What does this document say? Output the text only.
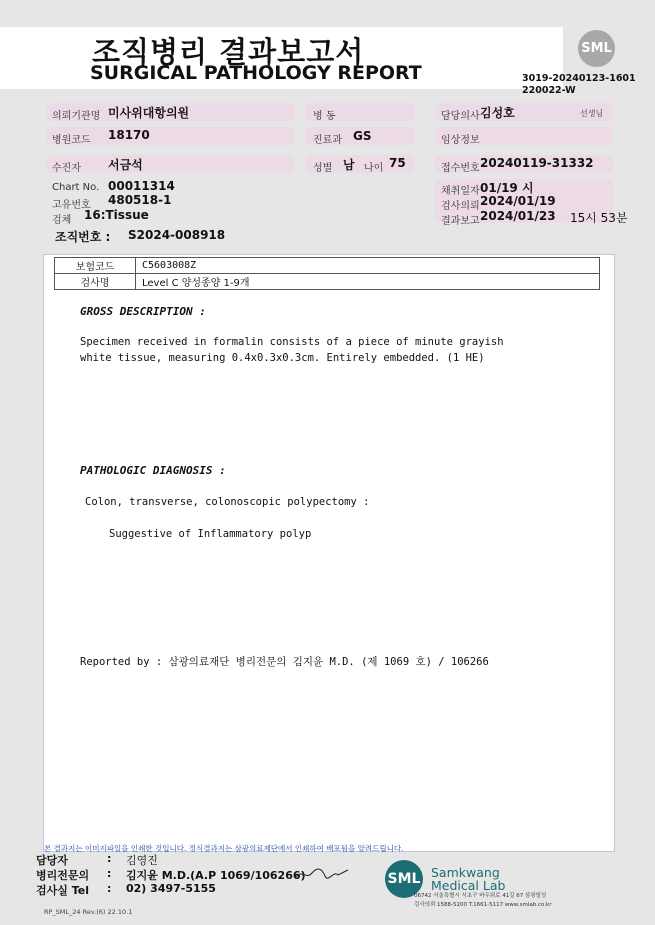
조직병리 결과보고서
SURGICAL PATHOLOGY REPORT
SML
3019-20240123-1601
220022-W
의뢰기관명 미사위대항의원
병원코드 18170
수진자 서금석
Chart No. 00011314
고유번호 480518-1
검체 16:Tissue
조직번호 : S2024-008918
병 동
진료과 GS
성별 남 나이 75
담당의사 김성호	선생님
임상정보
접수번호 20240119-31332
채취일자 01/19 시
검사의뢰 2024/01/19
결과보고 2024/01/23 15시 53분
보험코드	C5603008Z
검사명	Level C 양성종양 1-9개
GROSS DESCRIPTION :
Specimen received in formalin consists of a piece of minute grayish
white tissue, measuring 0.4x0.3x0.3cm. Entirely embedded. (1 HE)
PATHOLOGIC DIAGNOSIS :
Colon, transverse, colonoscopic polypectomy :
Suggestive of Inflammatory polyp
Reported by : 삼광의료재단 병리전문의 김지윤 M.D. (제 1069 호) / 106266
본 결과지는 이미지파일을 인쇄한 것입니다. 정식결과지는 삼광의료재단에서 인쇄하여 배포됨을 알려드립니다.
담당자	: 김영진
병리전문의 : 김지윤 M.D.(A.P 1069/106266)
검사실 Tel : 02) 3497-5155
SML Samkwang
Medical Lab
06742 서울특별시 서초구 바우뫼로 41길 67 삼광빌딩
검사의뢰 1588-5200 T.1661-5117 www.smlab.co.kr
RP_SML_24 Rev.(6) 22.10.1
